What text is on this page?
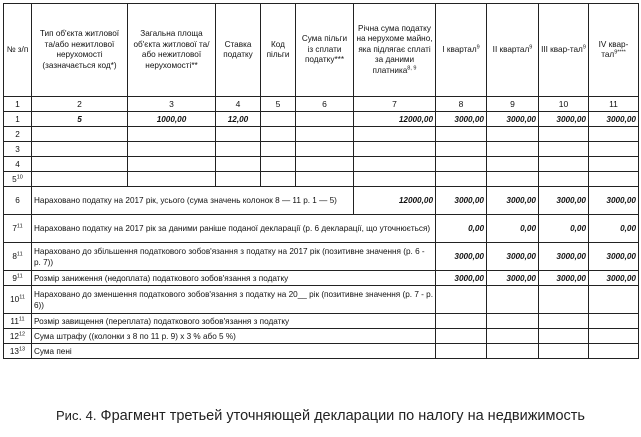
№ з/п	Тип об'єкта житлової та/або нежитлової нерухомості (зазначається код*)	Загальна площа об'єкта житлової та/або нежитлової нерухомості**	Ставка податку	Код пільги	Сума пільги із сплати податку***	Річна сума податку на нерухоме майно, яка підлягає сплаті за даними платника$^{8, 9}$	I квартал$^9$	II квартал$^9$	III квар-тал$^9$	IV квар-тал$^{9****}$
1	2	3	4	5	6	7	8	9	10	11
1	5	1000,00	12,00			12000,00	3000,00	3000,00	3000,00	3000,00
2										
3										
4										
$5^{10}$										
6	Нараховано податку на 2017 рік, усього (сума значень колонок 8 — 11 р. 1 — 5)					12000,00	3000,00	3000,00	3000,00	3000,00
$7^{11}$	Нараховано податку на 2017 рік за даними раніше поданої декларації (р. 6 декларації, що уточнюється)						0,00	0,00	0,00	0,00
$8^{11}$	Нараховано до збільшення податкового зобов'язання з податку на 2017 рік (позитивне значення (р. 6 - р. 7))						3000,00	3000,00	3000,00	3000,00
$9^{11}$	Розмір заниження (недоплата) податкового зобов'язання з податку						3000,00	3000,00	3000,00	3000,00
$10^{11}$	Нараховано до зменшення податкового зобов'язання з податку на 20__ рік (позитивне значення (р. 7 - р. 6))									
$11^{11}$	Розмір завищення (переплата) податкового зобов'язання з податку									
$12^{12}$	Сума штрафу ((колонки з 8 по 11 р. 9) х 3 % або 5 %)									
$13^{13}$	Сума пені									
Рис. 4. Фрагмент третьей уточняющей декларации по налогу на недвижимость
